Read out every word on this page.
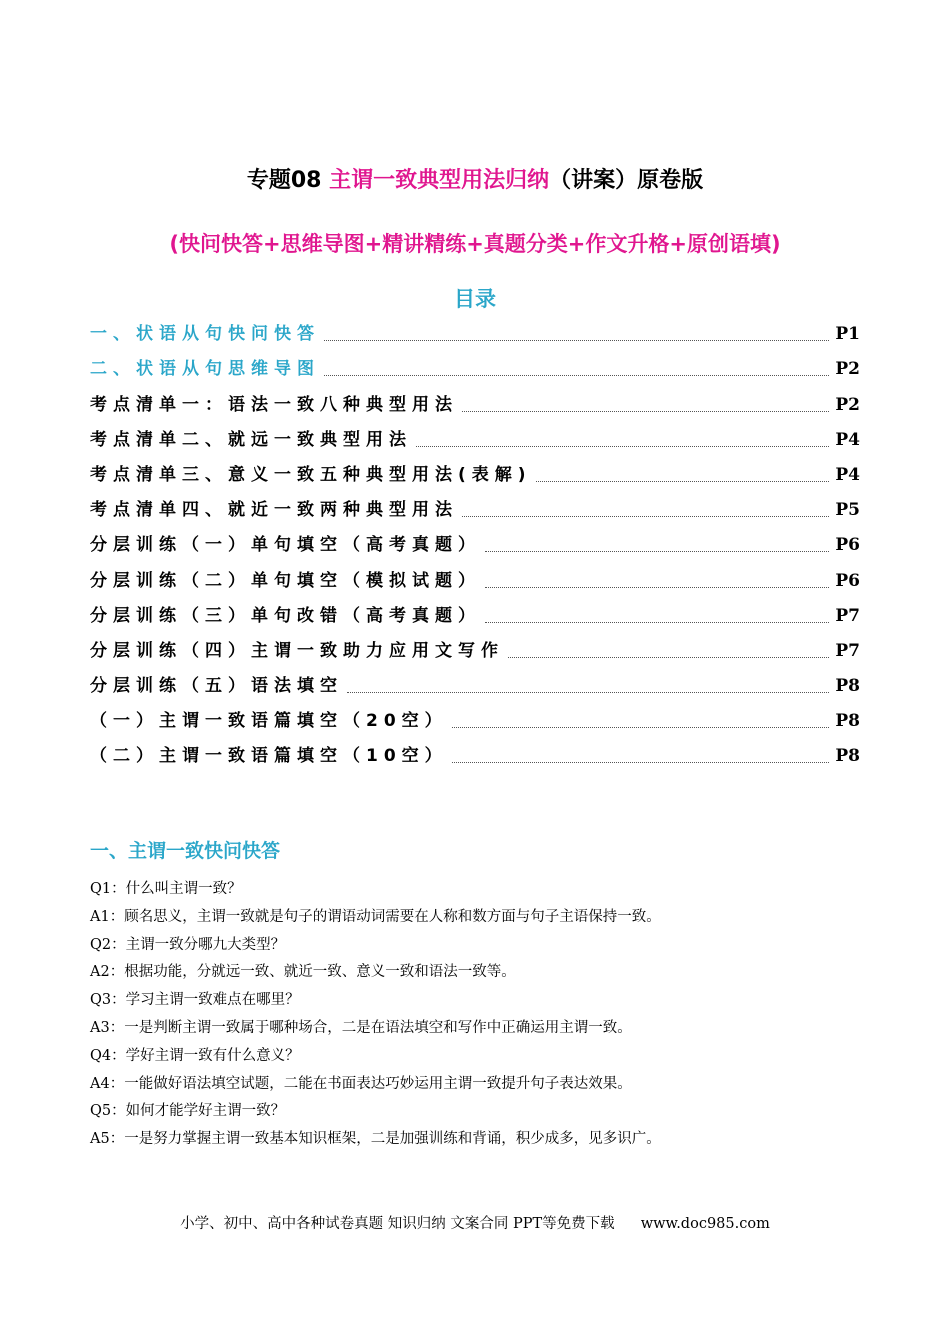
专题08 主谓一致典型用法归纳（讲案）原卷版
(快问快答+思维导图+精讲精练+真题分类+作文升格+原创语填)
目录
一、状语从句快问快答	P1
二、状语从句思维导图	P2
考点清单一：语法一致八种典型用法	P2
考点清单二、就远一致典型用法	P4
考点清单三、意义一致五种典型用法(表解)	P4
考点清单四、就近一致两种典型用法	P5
分层训练（一）单句填空（高考真题）	P6
分层训练（二）单句填空（模拟试题）	P6
分层训练（三）单句改错（高考真题）	P7
分层训练（四）主谓一致助力应用文写作	P7
分层训练（五）语法填空	P8
（一）主谓一致语篇填空（20空）	P8
（二）主谓一致语篇填空（10空）	P8
一、主谓一致快问快答
Q1：什么叫主谓一致？
A1：顾名思义，主谓一致就是句子的谓语动词需要在人称和数方面与句子主语保持一致。
Q2：主谓一致分哪九大类型？
A2：根据功能，分就远一致、就近一致、意义一致和语法一致等。
Q3：学习主谓一致难点在哪里？
A3：一是判断主谓一致属于哪种场合，二是在语法填空和写作中正确运用主谓一致。
Q4：学好主谓一致有什么意义？
A4：一能做好语法填空试题，二能在书面表达巧妙运用主谓一致提升句子表达效果。
Q5：如何才能学好主谓一致？
A5：一是努力掌握主谓一致基本知识框架，二是加强训练和背诵，积少成多，见多识广。
小学、初中、高中各种试卷真题 知识归纳 文案合同 PPT等免费下载 www.doc985.com
